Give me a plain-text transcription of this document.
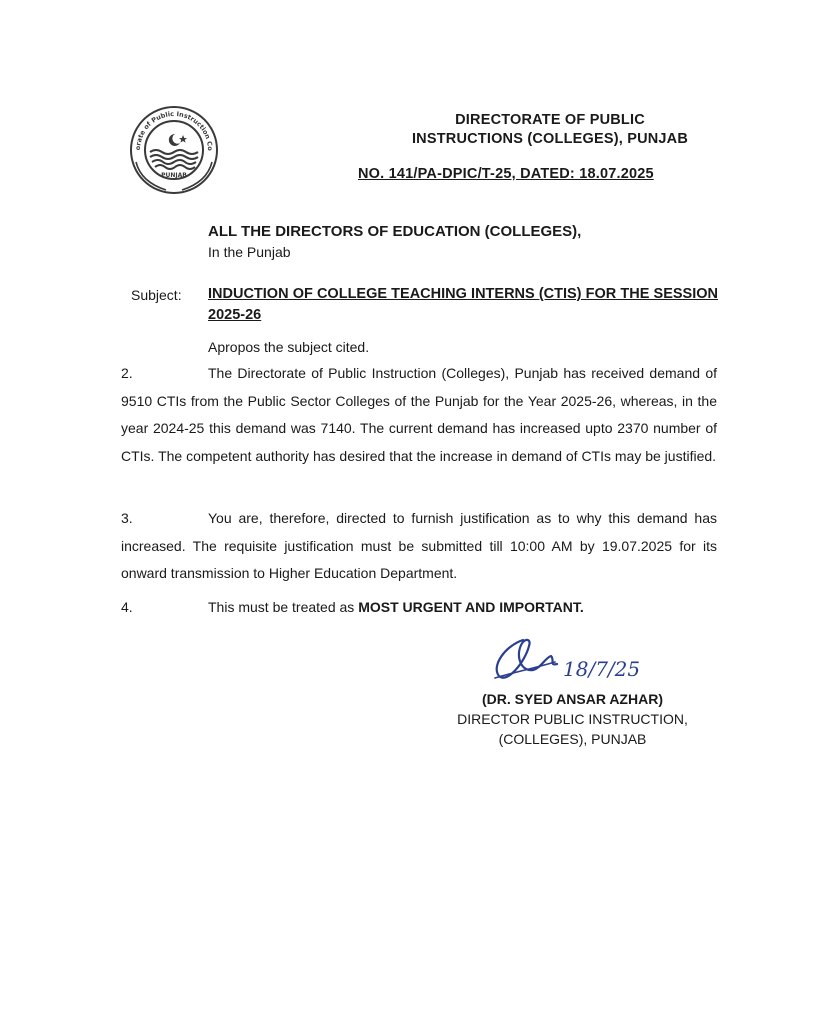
orate of Public Instruction Co
PUNJAB
DIRECTORATE OF PUBLIC
INSTRUCTIONS (COLLEGES), PUNJAB
NO. 141/PA-DPIC/T-25, DATED: 18.07.2025
ALL THE DIRECTORS OF EDUCATION (COLLEGES),
In the Punjab
Subject: INDUCTION OF COLLEGE TEACHING INTERNS (CTIS) FOR THE SESSION 2025-26
Apropos the subject cited.
2.	The Directorate of Public Instruction (Colleges), Punjab has received demand of 9510 CTIs from the Public Sector Colleges of the Punjab for the Year 2025-26, whereas, in the year 2024-25 this demand was 7140. The current demand has increased upto 2370 number of CTIs. The competent authority has desired that the increase in demand of CTIs may be justified.
3.	You are, therefore, directed to furnish justification as to why this demand has increased. The requisite justification must be submitted till 10:00 AM by 19.07.2025 for its onward transmission to Higher Education Department.
4.	This must be treated as MOST URGENT AND IMPORTANT.
18/7/25
(DR. SYED ANSAR AZHAR)
DIRECTOR PUBLIC INSTRUCTION,
(COLLEGES), PUNJAB
